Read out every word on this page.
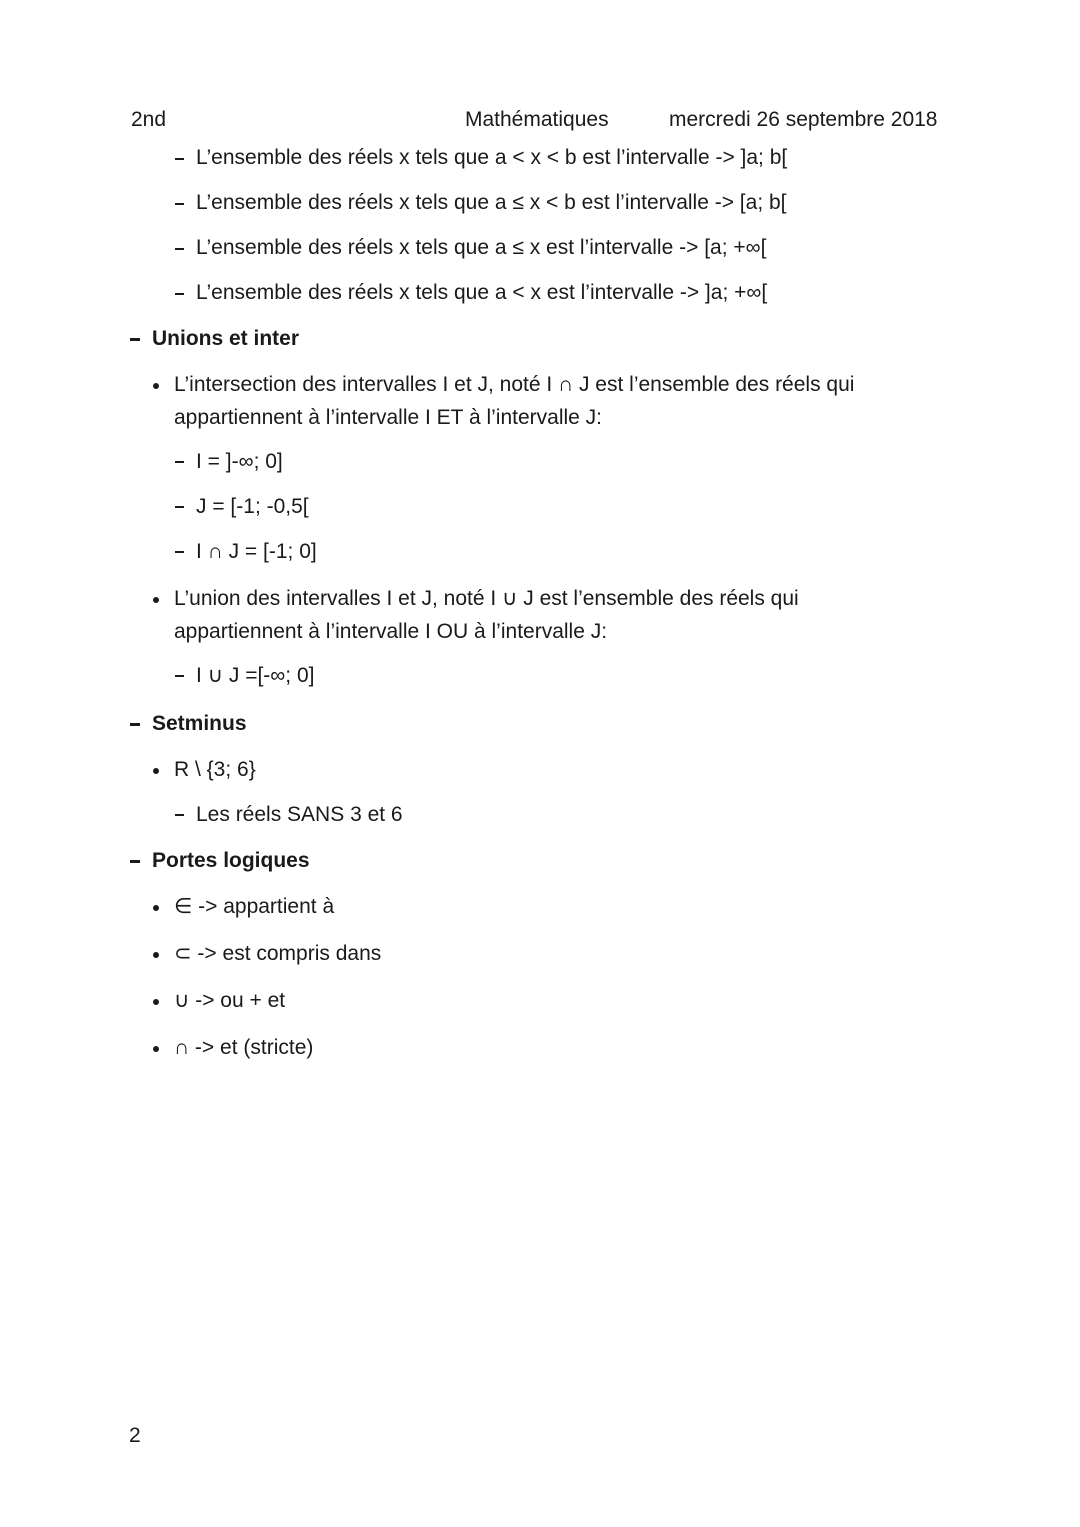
2nd	Mathématiques	mercredi 26 septembre 2018
L’ensemble des réels x tels que a < x < b est l’intervalle -> ]a; b[
L’ensemble des réels x tels que a ≤ x < b est l’intervalle -> [a; b[
L’ensemble des réels x tels que a ≤ x est l’intervalle -> [a; +∞[
L’ensemble des réels x tels que a < x est l’intervalle -> ]a; +∞[
Unions et inter
L’intersection des intervalles I et J, noté I ∩ J est l’ensemble des réels qui
appartiennent à l’intervalle I ET à l’intervalle J:
I = ]-∞; 0]
J = [-1; -0,5[
I ∩ J = [-1; 0]
L’union des intervalles I et J, noté I ∪ J est l’ensemble des réels qui
appartiennent à l’intervalle I OU à l’intervalle J:
I ∪ J =[-∞; 0]
Setminus
R \ {3; 6}
Les réels SANS 3 et 6
Portes logiques
∈ -> appartient à
⊂ -> est compris dans
∪ -> ou + et
∩ -> et (stricte)
2
